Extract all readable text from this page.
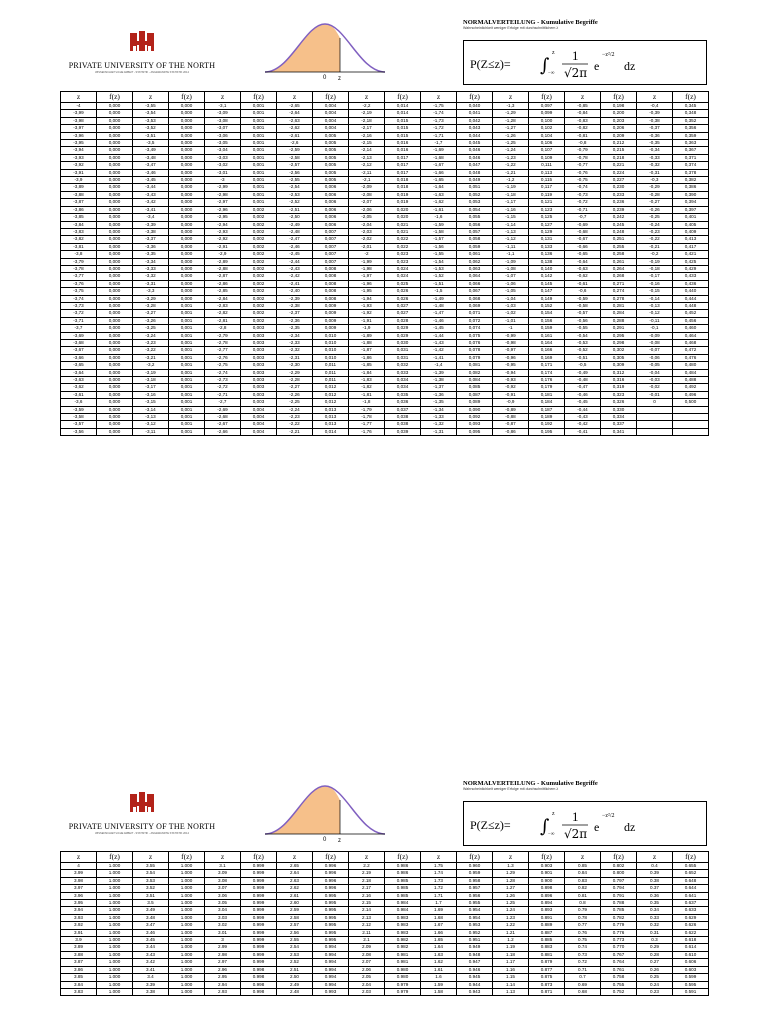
PRIVATE UNIVERSITY OF THE NORTH
WISSENSCHAFTLICHE ARBEIT - STATISTIK - ANGEWANDTE STATISTIK 2014
0 z
NORMALVERTEILUNG - Kumulative Begriffe
Wahrscheinlichkeit weniger Erfolge mit durchschnittlichem λ
P(Z≤z)= ∫
z
−∞
1
√2π e
−z²/2
dz
z	f(z)	z	f(z)	z	f(z)	z	f(z)	z	f(z)	z	f(z)	z	f(z)	z	f(z)	z	f(z)
-4	0,000	-3,55	0,000	-3,1	0,001	-2,65	0,004	-2,2	0,014	-1,75	0,040	-1,3	0,097	-0,85	0,198	-0,4	0,345
-3,99	0,000	-3,54	0,000	-3,09	0,001	-2,64	0,004	-2,19	0,014	-1,74	0,041	-1,29	0,099	-0,84	0,200	-0,39	0,348
-3,98	0,000	-3,53	0,000	-3,08	0,001	-2,63	0,004	-2,18	0,015	-1,73	0,042	-1,28	0,100	-0,83	0,203	-0,38	0,352
-3,97	0,000	-3,52	0,000	-3,07	0,001	-2,62	0,004	-2,17	0,015	-1,72	0,043	-1,27	0,102	-0,82	0,206	-0,37	0,356
-3,96	0,000	-3,51	0,000	-3,06	0,001	-2,61	0,005	-2,16	0,015	-1,71	0,044	-1,26	0,104	-0,81	0,209	-0,36	0,359
-3,95	0,000	-3,5	0,000	-3,05	0,001	-2,6	0,005	-2,15	0,016	-1,7	0,045	-1,25	0,106	-0,8	0,212	-0,35	0,363
-3,94	0,000	-3,49	0,000	-3,04	0,001	-2,59	0,005	-2,14	0,016	-1,69	0,046	-1,24	0,107	-0,79	0,215	-0,34	0,367
-3,93	0,000	-3,48	0,000	-3,03	0,001	-2,58	0,005	-2,13	0,017	-1,68	0,046	-1,23	0,109	-0,78	0,218	-0,33	0,371
-3,92	0,000	-3,47	0,000	-3,02	0,001	-2,57	0,005	-2,12	0,017	-1,67	0,047	-1,22	0,111	-0,77	0,221	-0,32	0,374
-3,91	0,000	-3,46	0,000	-3,01	0,001	-2,56	0,005	-2,11	0,017	-1,66	0,048	-1,21	0,113	-0,76	0,224	-0,31	0,378
-3,9	0,000	-3,45	0,000	-3	0,001	-2,55	0,005	-2,1	0,018	-1,65	0,049	-1,2	0,115	-0,75	0,227	-0,3	0,382
-3,89	0,000	-3,44	0,000	-2,99	0,001	-2,54	0,006	-2,09	0,018	-1,64	0,051	-1,19	0,117	-0,74	0,230	-0,29	0,386
-3,88	0,000	-3,43	0,000	-2,98	0,001	-2,53	0,006	-2,08	0,019	-1,63	0,052	-1,18	0,119	-0,73	0,233	-0,28	0,390
-3,87	0,000	-3,42	0,000	-2,97	0,001	-2,52	0,006	-2,07	0,019	-1,62	0,053	-1,17	0,121	-0,72	0,236	-0,27	0,394
-3,86	0,000	-3,41	0,000	-2,96	0,002	-2,51	0,006	-2,06	0,020	-1,61	0,054	-1,16	0,123	-0,71	0,239	-0,26	0,397
-3,85	0,000	-3,4	0,000	-2,95	0,002	-2,50	0,006	-2,05	0,020	-1,6	0,055	-1,15	0,125	-0,7	0,242	-0,25	0,401
-3,84	0,000	-3,39	0,000	-2,94	0,002	-2,49	0,006	-2,04	0,021	-1,59	0,056	-1,14	0,127	-0,69	0,245	-0,24	0,405
-3,83	0,000	-3,38	0,000	-2,93	0,002	-2,48	0,007	-2,03	0,021	-1,58	0,057	-1,13	0,129	-0,68	0,248	-0,23	0,409
-3,82	0,000	-3,37	0,000	-2,92	0,002	-2,47	0,007	-2,02	0,022	-1,57	0,058	-1,12	0,131	-0,67	0,251	-0,22	0,413
-3,81	0,000	-3,36	0,000	-2,91	0,002	-2,46	0,007	-2,01	0,022	-1,56	0,059	-1,11	0,133	-0,66	0,255	-0,21	0,417
-3,8	0,000	-3,35	0,000	-2,9	0,002	-2,45	0,007	-2	0,023	-1,55	0,061	-1,1	0,136	-0,65	0,258	-0,2	0,421
-3,79	0,000	-3,34	0,000	-2,89	0,002	-2,44	0,007	-1,99	0,023	-1,54	0,062	-1,09	0,138	-0,64	0,261	-0,19	0,425
-3,78	0,000	-3,33	0,000	-2,88	0,002	-2,43	0,008	-1,98	0,024	-1,53	0,063	-1,08	0,140	-0,63	0,264	-0,18	0,429
-3,77	0,000	-3,32	0,000	-2,87	0,002	-2,42	0,008	-1,97	0,024	-1,52	0,064	-1,07	0,142	-0,62	0,268	-0,17	0,433
-3,76	0,000	-3,31	0,000	-2,86	0,002	-2,41	0,008	-1,96	0,025	-1,51	0,066	-1,06	0,145	-0,61	0,271	-0,16	0,436
-3,75	0,000	-3,3	0,000	-2,85	0,002	-2,40	0,008	-1,95	0,026	-1,5	0,067	-1,05	0,147	-0,6	0,274	-0,15	0,440
-3,74	0,000	-3,29	0,000	-2,84	0,002	-2,39	0,008	-1,94	0,026	-1,49	0,068	-1,04	0,149	-0,59	0,278	-0,14	0,444
-3,73	0,000	-3,28	0,001	-2,83	0,002	-2,38	0,009	-1,93	0,027	-1,48	0,069	-1,03	0,152	-0,58	0,281	-0,13	0,448
-3,72	0,000	-3,27	0,001	-2,82	0,002	-2,37	0,009	-1,92	0,027	-1,47	0,071	-1,02	0,154	-0,57	0,284	-0,12	0,452
-3,71	0,000	-3,26	0,001	-2,81	0,002	-2,36	0,009	-1,91	0,028	-1,46	0,072	-1,01	0,156	-0,56	0,288	-0,11	0,456
-3,7	0,000	-3,25	0,001	-2,8	0,003	-2,35	0,009	-1,9	0,029	-1,45	0,074	-1	0,159	-0,55	0,291	-0,1	0,460
-3,69	0,000	-3,24	0,001	-2,79	0,003	-2,34	0,010	-1,89	0,029	-1,44	0,075	-0,99	0,161	-0,54	0,295	-0,09	0,464
-3,68	0,000	-3,23	0,001	-2,78	0,003	-2,33	0,010	-1,88	0,030	-1,43	0,076	-0,98	0,164	-0,53	0,298	-0,08	0,468
-3,67	0,000	-3,22	0,001	-2,77	0,003	-2,32	0,010	-1,87	0,031	-1,42	0,078	-0,97	0,166	-0,52	0,302	-0,07	0,472
-3,66	0,000	-3,21	0,001	-2,76	0,003	-2,31	0,010	-1,86	0,031	-1,41	0,079	-0,96	0,169	-0,51	0,305	-0,06	0,476
-3,65	0,000	-3,2	0,001	-2,75	0,003	-2,30	0,011	-1,85	0,032	-1,4	0,081	-0,95	0,171	-0,5	0,309	-0,05	0,480
-3,64	0,000	-3,19	0,001	-2,74	0,003	-2,29	0,011	-1,84	0,033	-1,39	0,082	-0,94	0,174	-0,49	0,312	-0,04	0,484
-3,63	0,000	-3,18	0,001	-2,73	0,003	-2,28	0,011	-1,83	0,034	-1,38	0,084	-0,93	0,176	-0,48	0,316	-0,03	0,488
-3,62	0,000	-3,17	0,001	-2,72	0,003	-2,27	0,012	-1,82	0,034	-1,37	0,085	-0,92	0,179	-0,47	0,319	-0,02	0,492
-3,61	0,000	-3,16	0,001	-2,71	0,003	-2,26	0,012	-1,81	0,035	-1,36	0,087	-0,91	0,181	-0,46	0,323	-0,01	0,496
-3,6	0,000	-3,15	0,001	-2,7	0,003	-2,25	0,012	-1,8	0,036	-1,35	0,089	-0,9	0,184	-0,45	0,326	0	0,500
-3,59	0,000	-3,14	0,001	-2,69	0,004	-2,24	0,013	-1,79	0,037	-1,34	0,090	-0,89	0,187	-0,44	0,330		
-3,58	0,000	-3,13	0,001	-2,68	0,004	-2,23	0,013	-1,78	0,038	-1,33	0,092	-0,88	0,189	-0,43	0,334		
-3,57	0,000	-3,12	0,001	-2,67	0,004	-2,22	0,013	-1,77	0,038	-1,32	0,093	-0,87	0,192	-0,42	0,337		
-3,56	0,000	-3,11	0,001	-2,66	0,004	-2,21	0,014	-1,76	0,039	-1,31	0,095	-0,86	0,195	-0,41	0,341		
PRIVATE UNIVERSITY OF THE NORTH
WISSENSCHAFTLICHE ARBEIT - STATISTIK - ANGEWANDTE STATISTIK 2014
0 z
NORMALVERTEILUNG - Kumulative Begriffe
Wahrscheinlichkeit weniger Erfolge mit durchschnittlichem λ
P(Z≤z)= ∫
z
−∞
1
√2π e
−z²/2
dz
z	f(z)	z	f(z)	z	f(z)	z	f(z)	z	f(z)	z	f(z)	z	f(z)	z	f(z)	z	f(z)
4	1.000	3.55	1.000	3.1	0.999	2.65	0.996	2.2	0.986	1.75	0.960	1.3	0.903	0.85	0.802	0.4	0.655
3.99	1.000	3.54	1.000	3.09	0.999	2.64	0.996	2.19	0.986	1.74	0.959	1.29	0.901	0.84	0.800	0.39	0.652
3.98	1.000	3.53	1.000	3.08	0.999	2.63	0.996	2.18	0.985	1.73	0.958	1.28	0.900	0.83	0.797	0.38	0.648
3.97	1.000	3.52	1.000	3.07	0.999	2.62	0.996	2.17	0.985	1.72	0.957	1.27	0.898	0.82	0.794	0.37	0.644
3.96	1.000	3.51	1.000	3.06	0.999	2.61	0.995	2.16	0.985	1.71	0.956	1.26	0.896	0.81	0.791	0.36	0.641
3.95	1.000	3.5	1.000	3.05	0.999	2.60	0.995	2.15	0.984	1.7	0.955	1.25	0.894	0.8	0.788	0.35	0.637
3.94	1.000	3.49	1.000	3.04	0.999	2.59	0.995	2.14	0.984	1.69	0.954	1.24	0.893	0.79	0.785	0.34	0.633
3.93	1.000	3.48	1.000	3.03	0.999	2.58	0.995	2.13	0.983	1.68	0.954	1.23	0.891	0.78	0.782	0.33	0.629
3.92	1.000	3.47	1.000	3.02	0.999	2.57	0.995	2.12	0.983	1.67	0.953	1.22	0.889	0.77	0.779	0.32	0.626
3.91	1.000	3.46	1.000	3.01	0.999	2.56	0.995	2.11	0.983	1.66	0.952	1.21	0.887	0.76	0.776	0.31	0.622
3.9	1.000	3.45	1.000	3	0.999	2.55	0.995	2.1	0.982	1.65	0.951	1.2	0.885	0.75	0.773	0.3	0.618
3.89	1.000	3.44	1.000	2.99	0.999	2.54	0.994	2.09	0.982	1.64	0.949	1.19	0.883	0.74	0.770	0.29	0.614
3.88	1.000	3.43	1.000	2.98	0.999	2.53	0.994	2.08	0.981	1.63	0.948	1.18	0.881	0.73	0.767	0.28	0.610
3.87	1.000	3.42	1.000	2.97	0.999	2.52	0.994	2.07	0.981	1.62	0.947	1.17	0.879	0.72	0.764	0.27	0.606
3.86	1.000	3.41	1.000	2.96	0.998	2.51	0.994	2.06	0.980	1.61	0.946	1.16	0.877	0.71	0.761	0.26	0.603
3.85	1.000	3.4	1.000	2.95	0.998	2.50	0.994	2.05	0.980	1.6	0.945	1.15	0.875	0.7	0.758	0.25	0.599
3.84	1.000	3.39	1.000	2.94	0.998	2.49	0.994	2.04	0.979	1.59	0.944	1.14	0.873	0.69	0.755	0.24	0.595
3.83	1.000	3.38	1.000	2.93	0.998	2.48	0.993	2.03	0.979	1.58	0.943	1.13	0.871	0.68	0.752	0.23	0.591
